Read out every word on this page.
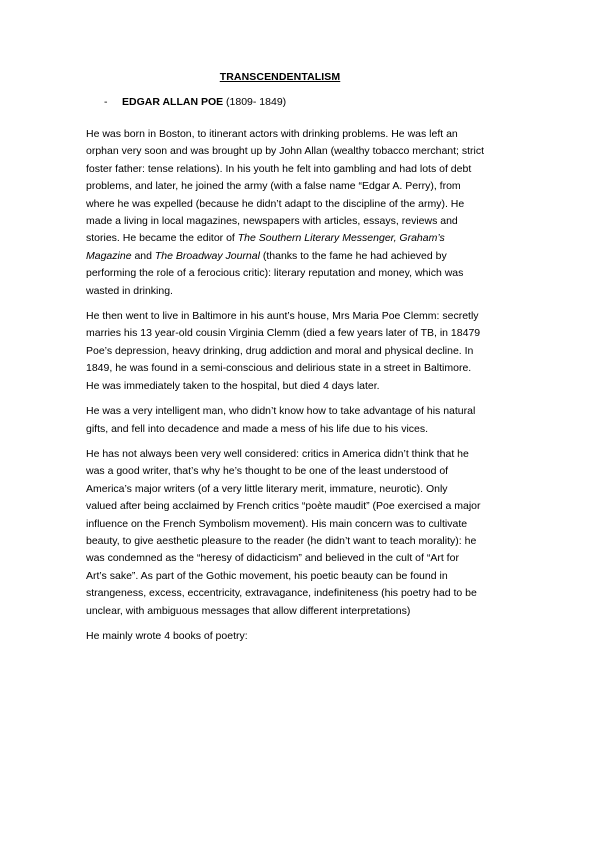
TRANSCENDENTALISM
- EDGAR ALLAN POE (1809- 1849)
He was born in Boston, to itinerant actors with drinking problems. He was left an
orphan very soon and was brought up by John Allan (wealthy tobacco merchant; strict
foster father: tense relations). In his youth he felt into gambling and had lots of debt
problems, and later, he joined the army (with a false name “Edgar A. Perry), from
where he was expelled (because he didn’t adapt to the discipline of the army). He
made a living in local magazines, newspapers with articles, essays, reviews and
stories. He became the editor of The Southern Literary Messenger, Graham’s
Magazine and The Broadway Journal (thanks to the fame he had achieved by
performing the role of a ferocious critic): literary reputation and money, which was
wasted in drinking.
He then went to live in Baltimore in his aunt’s house, Mrs Maria Poe Clemm: secretly
marries his 13 year-old cousin Virginia Clemm (died a few years later of TB, in 18479
Poe’s depression, heavy drinking, drug addiction and moral and physical decline. In
1849, he was found in a semi-conscious and delirious state in a street in Baltimore.
He was immediately taken to the hospital, but died 4 days later.
He was a very intelligent man, who didn’t know how to take advantage of his natural
gifts, and fell into decadence and made a mess of his life due to his vices.
He has not always been very well considered: critics in America didn’t think that he
was a good writer, that’s why he’s thought to be one of the least understood of
America’s major writers (of a very little literary merit, immature, neurotic). Only
valued after being acclaimed by French critics “poète maudit” (Poe exercised a major
influence on the French Symbolism movement). His main concern was to cultivate
beauty, to give aesthetic pleasure to the reader (he didn’t want to teach morality): he
was condemned as the “heresy of didacticism” and believed in the cult of “Art for
Art’s sake”. As part of the Gothic movement, his poetic beauty can be found in
strangeness, excess, eccentricity, extravagance, indefiniteness (his poetry had to be
unclear, with ambiguous messages that allow different interpretations)
He mainly wrote 4 books of poetry:
